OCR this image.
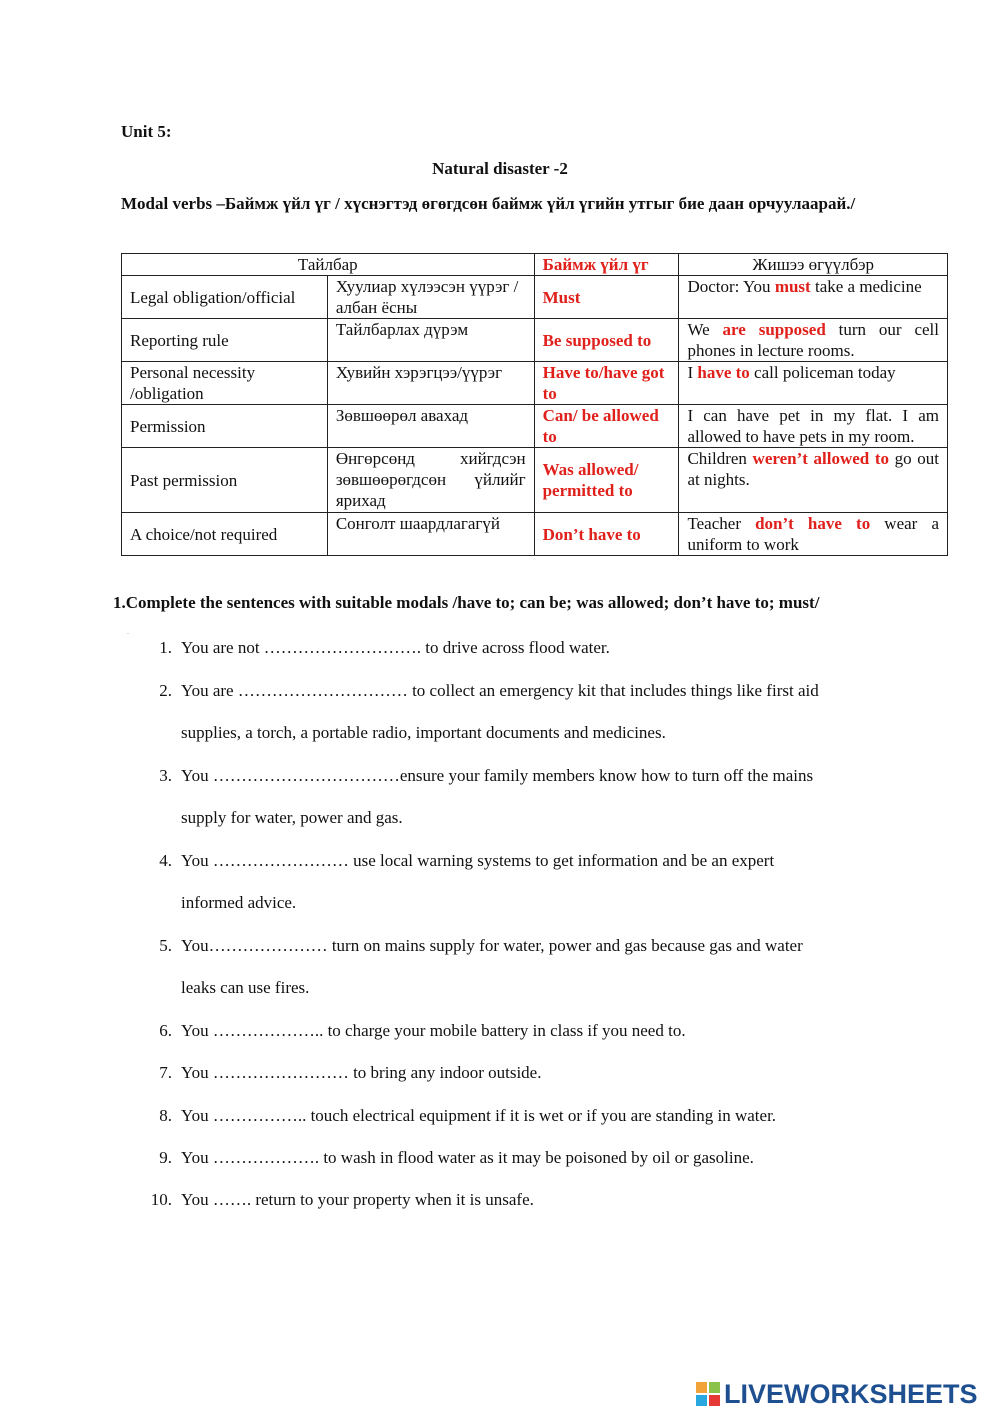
Unit 5:
Natural disaster -2
Modal verbs –Баймж үйл үг / хүснэгтэд өгөгдсөн баймж үйл үгийн утгыг бие даан орчуулаарай./
Тайлбар		Баймж үйл үг	Жишээ өгүүлбэр
Legal obligation/official	Хуулиар хүлээсэн үүрэг /албан ёсны	Must	Doctor: You must take a medicine
Reporting rule	Тайлбарлах дүрэм	Be supposed to	We are supposed turn our cell phones in lecture rooms.
Personal necessity /obligation	Хувийн хэрэгцээ/үүрэг	Have to/have got to	I have to call policeman today
Permission	Зөвшөөрөл авахад	Can/ be allowed to	I can have pet in my flat. I am allowed to have pets in my room.
Past permission	Өнгөрсөнд хийгдсэн зөвшөөрөгдсөн үйлийг ярихад	Was allowed/ permitted to	Children weren’t allowed to go out at nights.
A choice/not required	Сонголт шаардлагагүй	Don’t have to	Teacher don’t have to wear a uniform to work
1.Complete the sentences with suitable modals /have to; can be; was allowed; don’t have to; must/
.
1. You are not ………………………. to drive across flood water.
2. You are ………………………… to collect an emergency kit that includes things like first aid
supplies, a torch, a portable radio, important documents and medicines.
3. You ……………………………ensure your family members know how to turn off the mains
supply for water, power and gas.
4. You …………………… use local warning systems to get information and be an expert
informed advice.
5. You………………… turn on mains supply for water, power and gas because gas and water
leaks can use fires.
6. You ……………….. to charge your mobile battery in class if you need to.
7. You …………………… to bring any indoor outside.
8. You …………….. touch electrical equipment if it is wet or if you are standing in water.
9. You ………………. to wash in flood water as it may be poisoned by oil or gasoline.
10. You ……. return to your property when it is unsafe.
LIVEWORKSHEETS
